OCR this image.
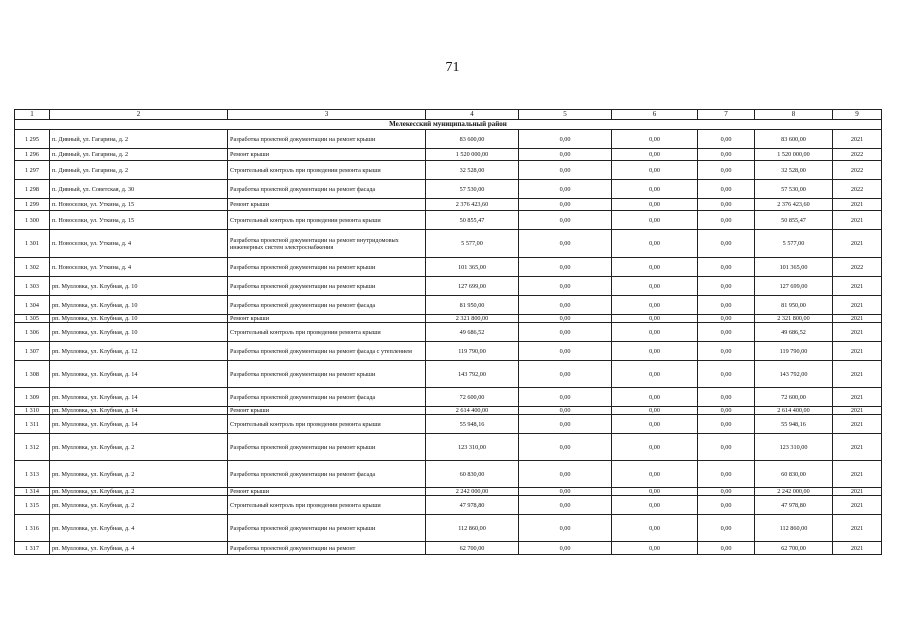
71
1	2	3	4	5	6	7	8	9
Мелекесский муниципальный район								
1 295	п. Дивный, ул. Гагарина, д. 2	Разработка проектной документации на ремонт крыши	83 600,00	0,00	0,00	0,00	83 600,00	2021
1 296	п. Дивный, ул. Гагарина, д. 2	Ремонт крыши	1 520 000,00	0,00	0,00	0,00	1 520 000,00	2022
1 297	п. Дивный, ул. Гагарина, д. 2	Строительный контроль при проведении ремонта крыши	32 528,00	0,00	0,00	0,00	32 528,00	2022
1 298	п. Дивный, ул. Советская, д. 30	Разработка проектной документации на ремонт фасада	57 530,00	0,00	0,00	0,00	57 530,00	2022
1 299	п. Новоселки, ул. Уткина, д. 15	Ремонт крыши	2 376 423,60	0,00	0,00	0,00	2 376 423,60	2021
1 300	п. Новоселки, ул. Уткина, д. 15	Строительный контроль при проведении ремонта крыши	50 855,47	0,00	0,00	0,00	50 855,47	2021
1 301	п. Новоселки, ул. Уткина, д. 4	Разработка проектной документации на ремонт внутридомовых инженерных систем электроснабжения	5 577,00	0,00	0,00	0,00	5 577,00	2021
1 302	п. Новоселки, ул. Уткина, д. 4	Разработка проектной документации на ремонт крыши	101 365,00	0,00	0,00	0,00	101 365,00	2022
1 303	рп. Мулловка, ул. Клубная, д. 10	Разработка проектной документации на ремонт крыши	127 699,00	0,00	0,00	0,00	127 699,00	2021
1 304	рп. Мулловка, ул. Клубная, д. 10	Разработка проектной документации на ремонт фасада	81 950,00	0,00	0,00	0,00	81 950,00	2021
1 305	рп. Мулловка, ул. Клубная, д. 10	Ремонт крыши	2 321 800,00	0,00	0,00	0,00	2 321 800,00	2021
1 306	рп. Мулловка, ул. Клубная, д. 10	Строительный контроль при проведении ремонта крыши	49 686,52	0,00	0,00	0,00	49 686,52	2021
1 307	рп. Мулловка, ул. Клубная, д. 12	Разработка проектной документации на ремонт фасада с утеплением	119 790,00	0,00	0,00	0,00	119 790,00	2021
1 308	рп. Мулловка, ул. Клубная, д. 14	Разработка проектной документации на ремонт крыши	143 792,00	0,00	0,00	0,00	143 792,00	2021
1 309	рп. Мулловка, ул. Клубная, д. 14	Разработка проектной документации на ремонт фасада	72 600,00	0,00	0,00	0,00	72 600,00	2021
1 310	рп. Мулловка, ул. Клубная, д. 14	Ремонт крыши	2 614 400,00	0,00	0,00	0,00	2 614 400,00	2021
1 311	рп. Мулловка, ул. Клубная, д. 14	Строительный контроль при проведении ремонта крыши	55 948,16	0,00	0,00	0,00	55 948,16	2021
1 312	рп. Мулловка, ул. Клубная, д. 2	Разработка проектной документации на ремонт крыши	123 310,00	0,00	0,00	0,00	123 310,00	2021
1 313	рп. Мулловка, ул. Клубная, д. 2	Разработка проектной документации на ремонт фасада	60 830,00	0,00	0,00	0,00	60 830,00	2021
1 314	рп. Мулловка, ул. Клубная, д. 2	Ремонт крыши	2 242 000,00	0,00	0,00	0,00	2 242 000,00	2021
1 315	рп. Мулловка, ул. Клубная, д. 2	Строительный контроль при проведении ремонта крыши	47 978,80	0,00	0,00	0,00	47 978,80	2021
1 316	рп. Мулловка, ул. Клубная, д. 4	Разработка проектной документации на ремонт крыши	112 860,00	0,00	0,00	0,00	112 860,00	2021
1 317	рп. Мулловка, ул. Клубная, д. 4	Разработка проектной документации на ремонт	62 700,00	0,00	0,00	0,00	62 700,00	2021
